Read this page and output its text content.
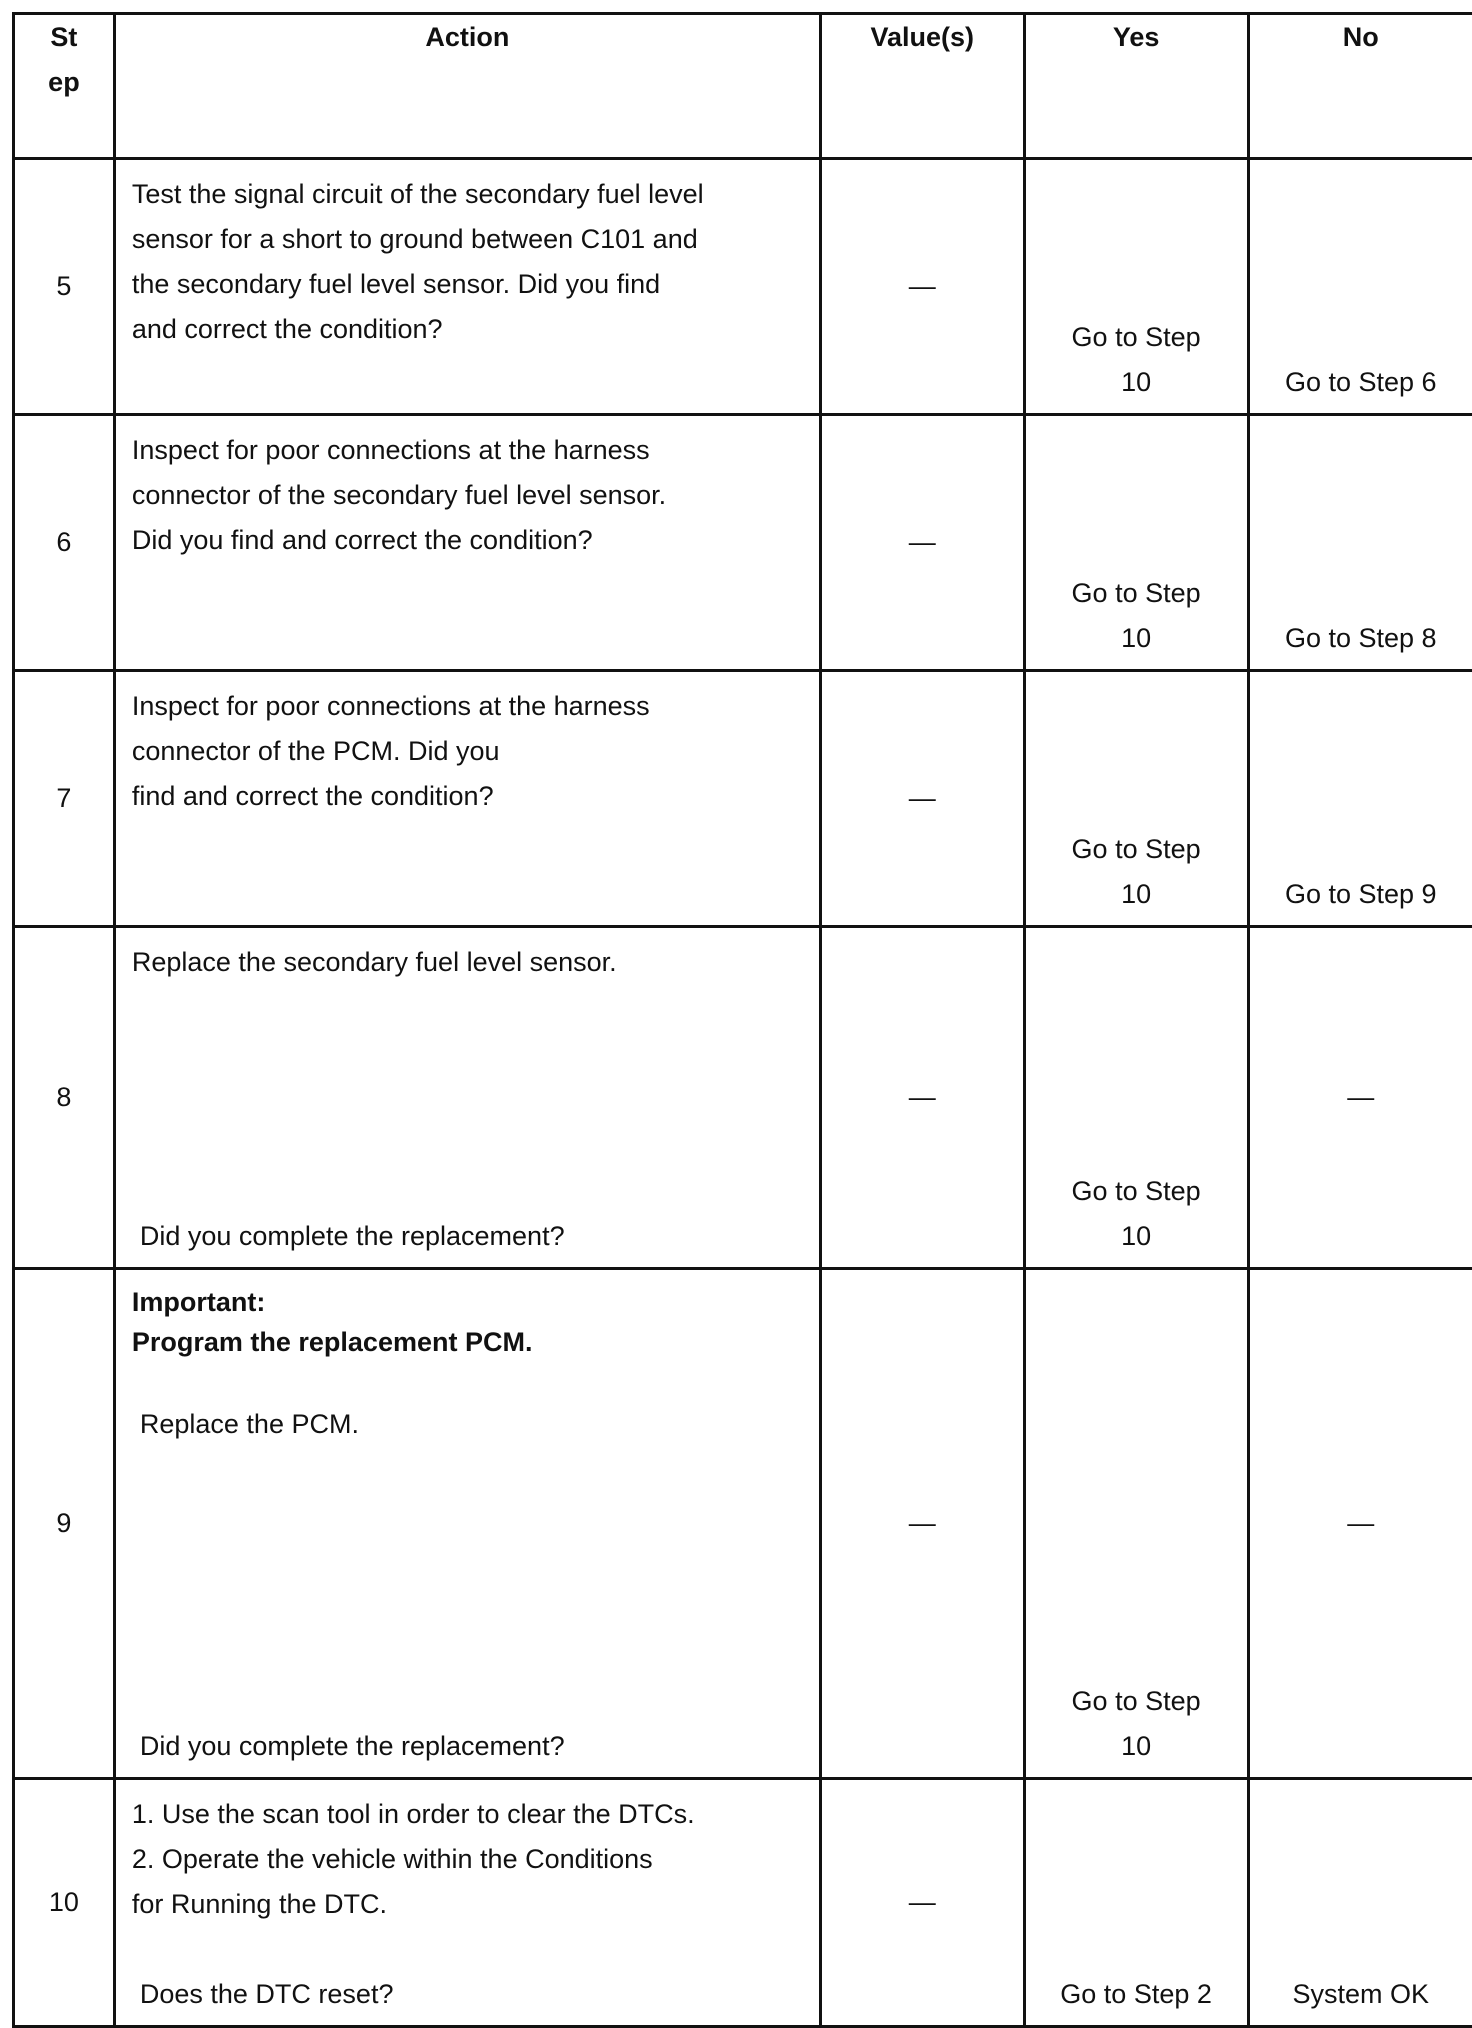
St
ep	Action	Value(s)	Yes	No
5	Test the signal circuit of the secondary fuel level
sensor for a short to ground between C101 and
the secondary fuel level sensor. Did you find
and correct the condition?	—	Go to Step
10	Go to Step 6
6	Inspect for poor connections at the harness
connector of the secondary fuel level sensor.
Did you find and correct the condition?	—	Go to Step
10	Go to Step 8
7	Inspect for poor connections at the harness
connector of the PCM. Did you
find and correct the condition?	—	Go to Step
10	Go to Step 9
8	Replace the secondary fuel level sensor.
Did you complete the replacement?	—	Go to Step
10	—
9	Important:
Program the replacement PCM.
Replace the PCM.
Did you complete the replacement?	—	Go to Step
10	—
10	1. Use the scan tool in order to clear the DTCs.
2. Operate the vehicle within the Conditions
for Running the DTC.
Does the DTC reset?	—	Go to Step 2	System OK
